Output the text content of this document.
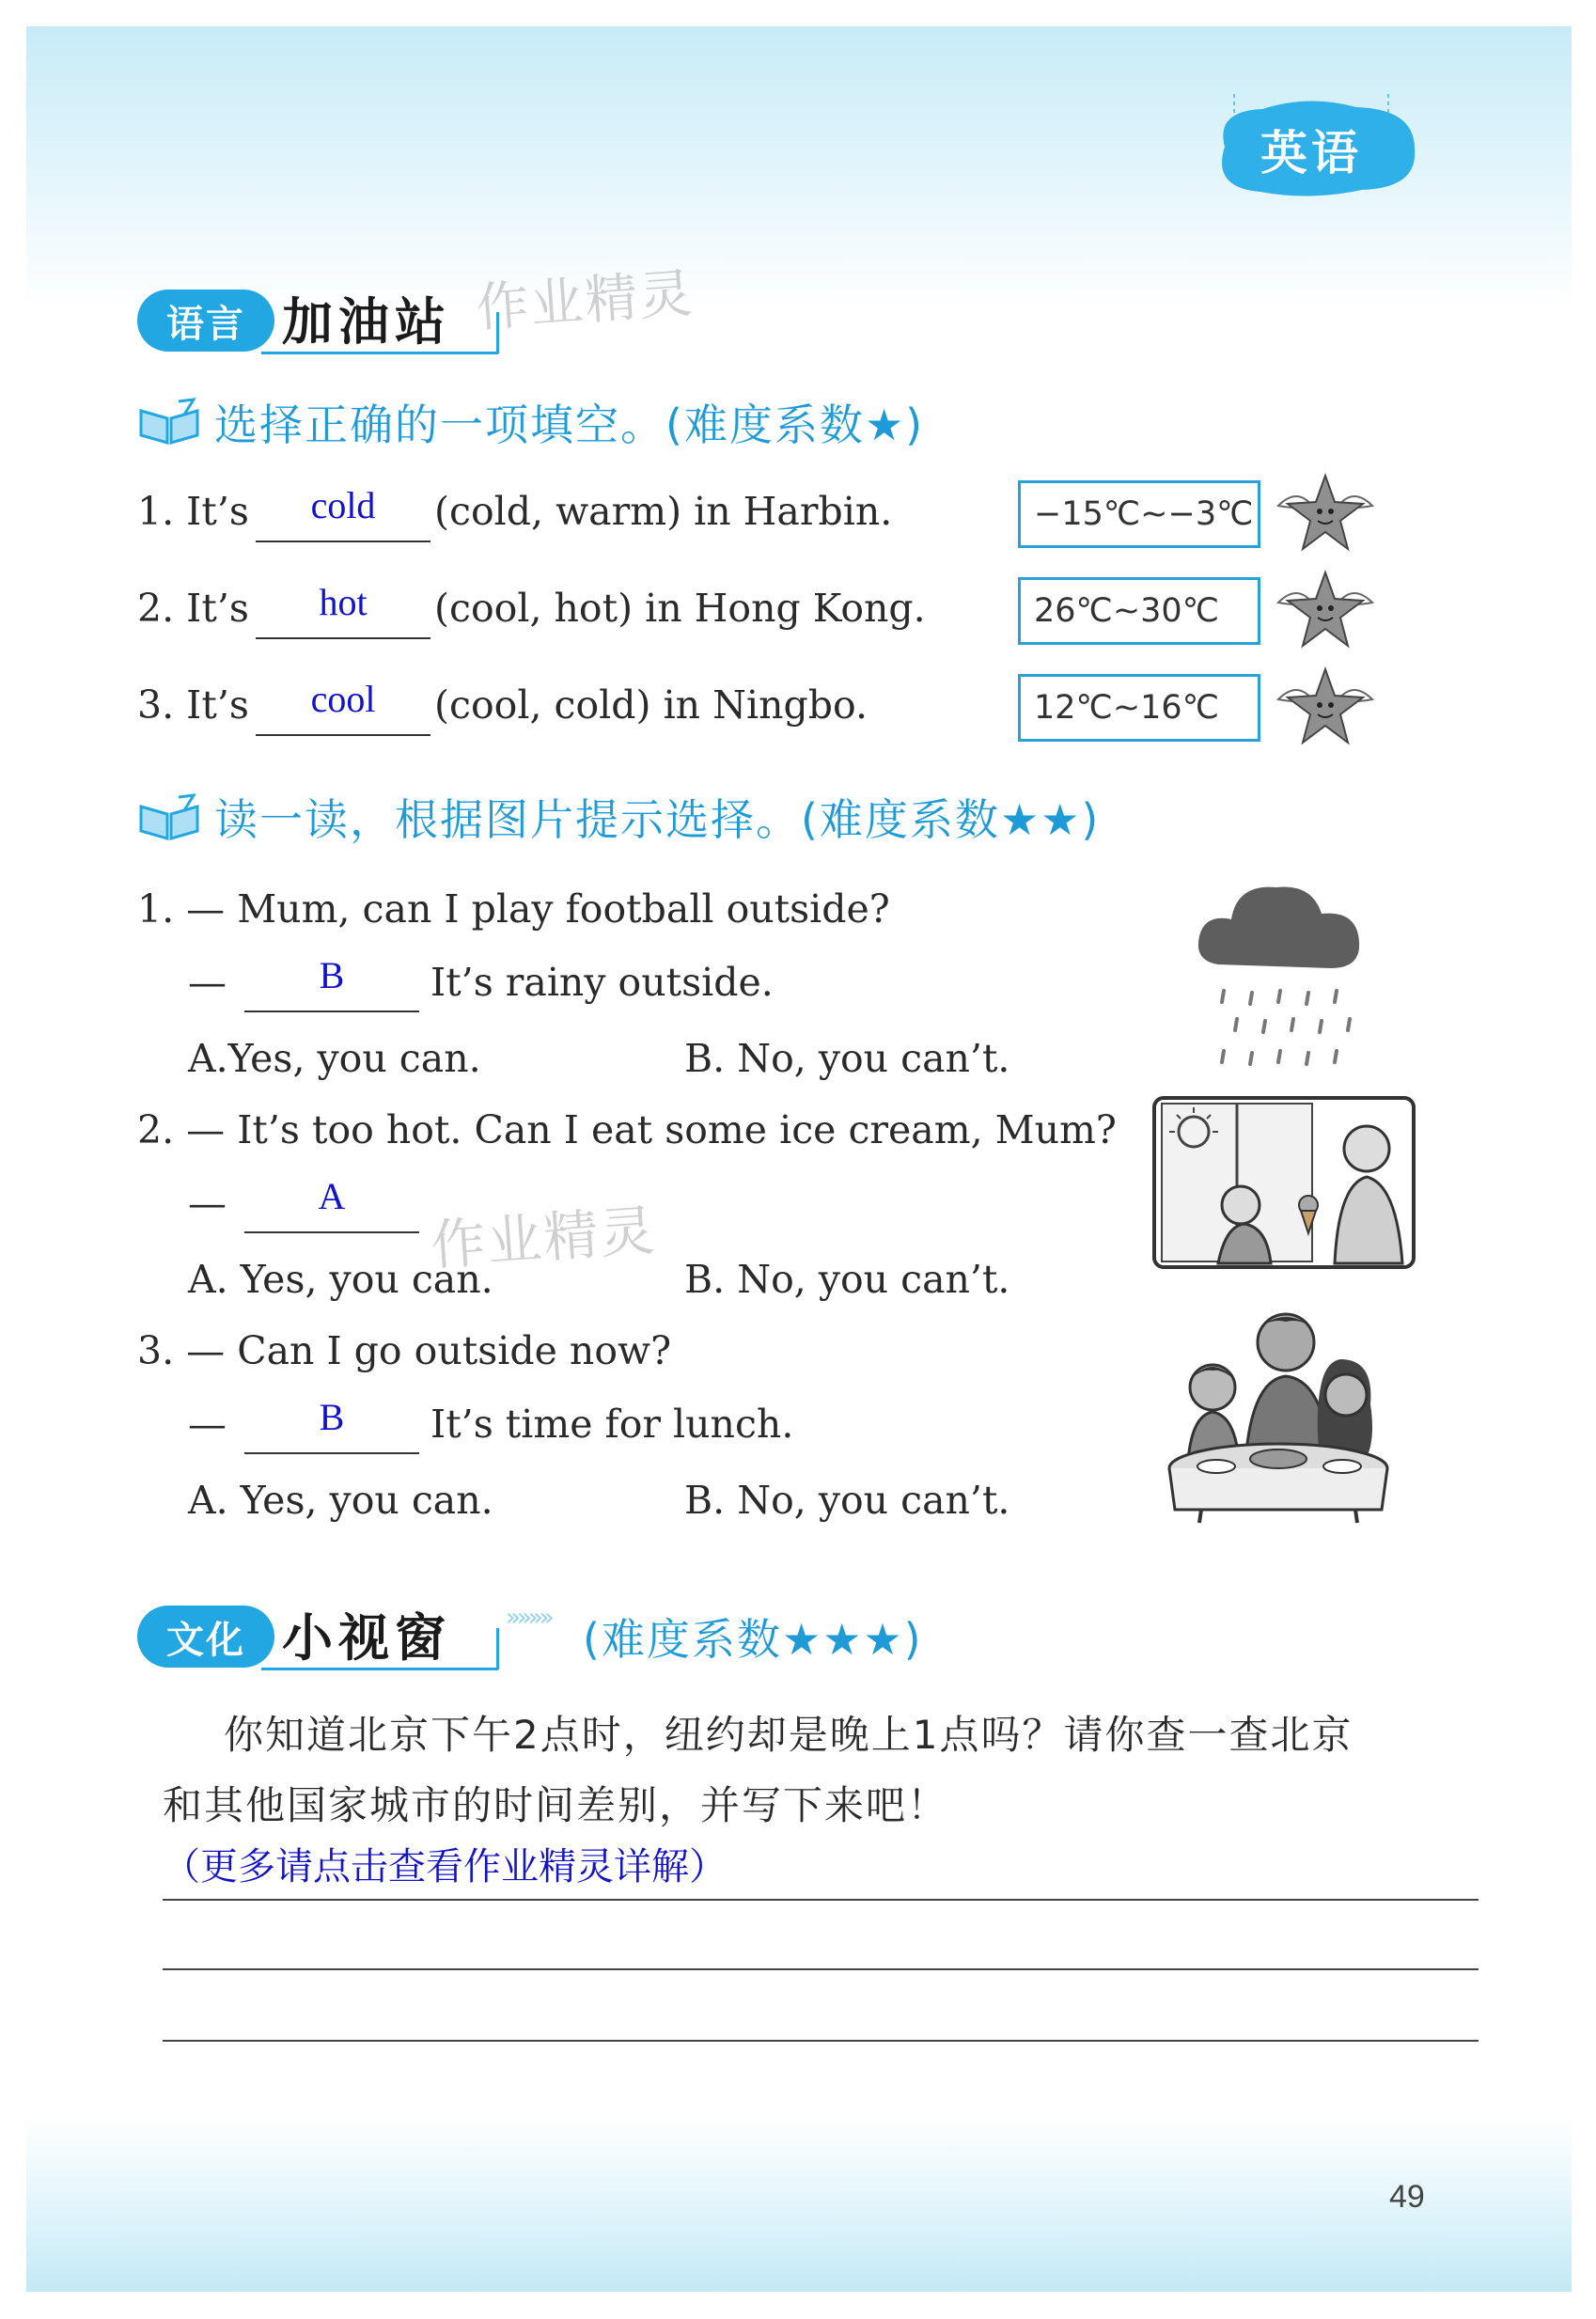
英语
语言 加油站 作业精灵
选择正确的一项填空。(难度系数★)
1. It’s	cold	(cold, warm) in Harbin.	−15℃~−3℃
2. It’s	hot	(cool, hot) in Hong Kong.	26℃~30℃
3. It’s	cool	(cool, cold) in Ningbo.	12℃~16℃
读一读，根据图片提示选择。(难度系数★★)
1. — Mum, can I play football outside?
—	B	It’s rainy outside.
A.Yes, you can.	B. No, you can’t.
2. — It’s too hot. Can I eat some ice cream, Mum?
—	A
A. Yes, you can.	B. No, you can’t.
作业精灵
3. — Can I go outside now?
—	B	It’s time for lunch.
A. Yes, you can.	B. No, you can’t.
文化 小视窗 »»»» (难度系数★★★)
你知道北京下午2点时，纽约却是晚上1点吗？请你查一查北京
和其他国家城市的时间差别，并写下来吧！
（更多请点击查看作业精灵详解）
49
